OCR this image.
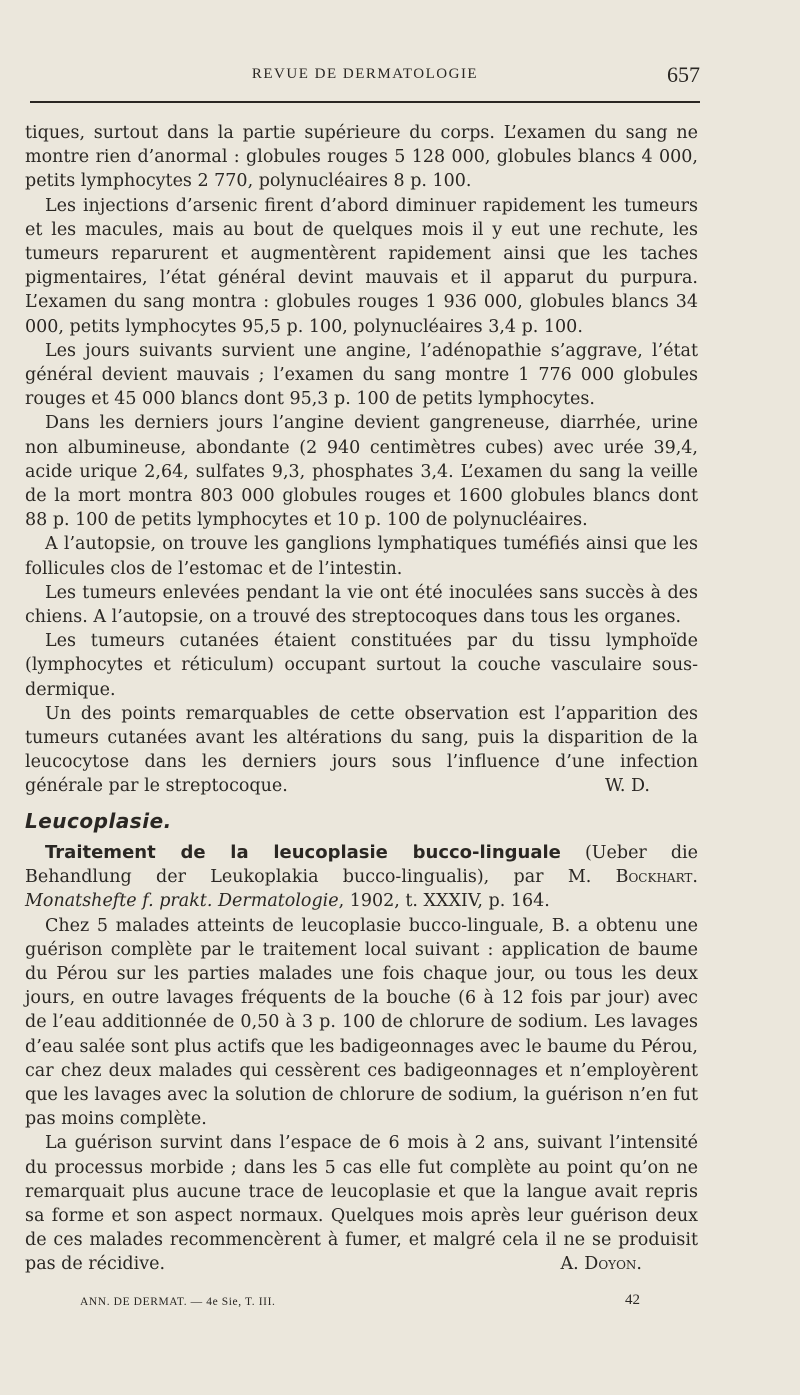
REVUE DE DERMATOLOGIE	657

tiques, surtout dans la partie supérieure du corps. L’examen du sang ne montre rien d’anormal : globules rouges 5 128 000, globules blancs 4 000, petits lymphocytes 2 770, polynucléaires 8 p. 100.

Les injections d’arsenic firent d’abord diminuer rapidement les tumeurs et les macules, mais au bout de quelques mois il y eut une rechute, les tumeurs reparurent et augmentèrent rapidement ainsi que les taches pigmentaires, l’état général devint mauvais et il apparut du purpura. L’examen du sang montra : globules rouges 1 936 000, globules blancs 34 000, petits lymphocytes 95,5 p. 100, polynucléaires 3,4 p. 100.

Les jours suivants survient une angine, l’adénopathie s’aggrave, l’état général devient mauvais ; l’examen du sang montre 1 776 000 globules rouges et 45 000 blancs dont 95,3 p. 100 de petits lymphocytes.

Dans les derniers jours l’angine devient gangreneuse, diarrhée, urine non albumineuse, abondante (2 940 centimètres cubes) avec urée 39,4, acide urique 2,64, sulfates 9,3, phosphates 3,4. L’examen du sang la veille de la mort montra 803 000 globules rouges et 1600 globules blancs dont 88 p. 100 de petits lymphocytes et 10 p. 100 de polynucléaires.

A l’autopsie, on trouve les ganglions lymphatiques tuméfiés ainsi que les follicules clos de l’estomac et de l’intestin.

Les tumeurs enlevées pendant la vie ont été inoculées sans succès à des chiens. A l’autopsie, on a trouvé des streptocoques dans tous les organes.

Les tumeurs cutanées étaient constituées par du tissu lymphoïde (lymphocytes et réticulum) occupant surtout la couche vasculaire sous-dermique.

Un des points remarquables de cette observation est l’apparition des tumeurs cutanées avant les altérations du sang, puis la disparition de la leucocytose dans les derniers jours sous l’influence d’une infection générale par le streptocoque.	W. D.

Leucoplasie.

Traitement de la leucoplasie bucco-linguale (Ueber die Behandlung der Leukoplakia bucco-lingualis), par M. Bockhart. Monatshefte f. prakt. Dermatologie, 1902, t. XXXIV, p. 164.

Chez 5 malades atteints de leucoplasie bucco-linguale, B. a obtenu une guérison complète par le traitement local suivant : application de baume du Pérou sur les parties malades une fois chaque jour, ou tous les deux jours, en outre lavages fréquents de la bouche (6 à 12 fois par jour) avec de l’eau additionnée de 0,50 à 3 p. 100 de chlorure de sodium. Les lavages d’eau salée sont plus actifs que les badigeonnages avec le baume du Pérou, car chez deux malades qui cessèrent ces badigeonnages et n’employèrent que les lavages avec la solution de chlorure de sodium, la guérison n’en fut pas moins complète.

La guérison survint dans l’espace de 6 mois à 2 ans, suivant l’intensité du processus morbide ; dans les 5 cas elle fut complète au point qu’on ne remarquait plus aucune trace de leucoplasie et que la langue avait repris sa forme et son aspect normaux. Quelques mois après leur guérison deux de ces malades recommencèrent à fumer, et malgré cela il ne se produisit pas de récidive.	A. Doyon.

ANN. DE DERMAT. — 4e Sie, T. III.	42
